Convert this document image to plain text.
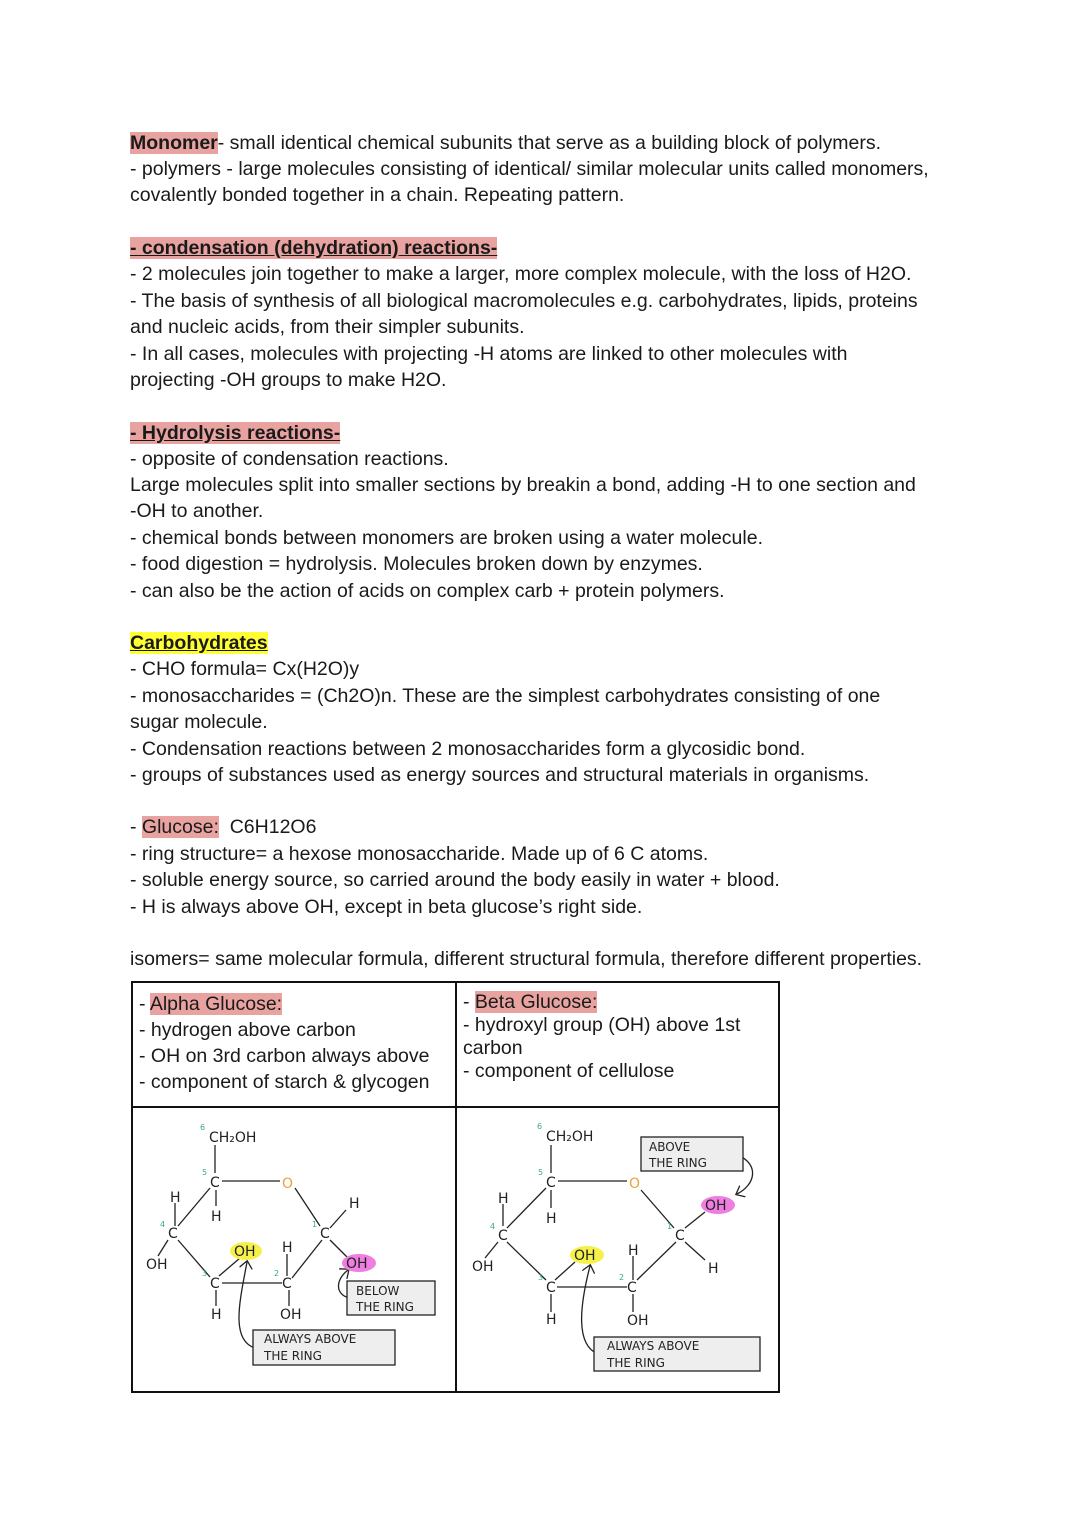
Monomer- small identical chemical subunits that serve as a building block of polymers.
- polymers - large molecules consisting of identical/ similar molecular units called monomers,
covalently bonded together in a chain. Repeating pattern.
- condensation (dehydration) reactions-
- 2 molecules join together to make a larger, more complex molecule, with the loss of H2O.
- The basis of synthesis of all biological macromolecules e.g. carbohydrates, lipids, proteins
and nucleic acids, from their simpler subunits.
- In all cases, molecules with projecting -H atoms are linked to other molecules with
projecting -OH groups to make H2O.
- Hydrolysis reactions-
- opposite of condensation reactions.
Large molecules split into smaller sections by breakin a bond, adding -H to one section and
-OH to another.
- chemical bonds between monomers are broken using a water molecule.
- food digestion = hydrolysis. Molecules broken down by enzymes.
- can also be the action of acids on complex carb + protein polymers.
Carbohydrates
- CHO formula= Cx(H2O)y
- monosaccharides = (Ch2O)n. These are the simplest carbohydrates consisting of one
sugar molecule.
- Condensation reactions between 2 monosaccharides form a glycosidic bond.
- groups of substances used as energy sources and structural materials in organisms.
- Glucose:  C6H12O6
- ring structure= a hexose monosaccharide. Made up of 6 C atoms.
- soluble energy source, so carried around the body easily in water + blood.
- H is always above OH, except in beta glucose’s right side.
isomers= same molecular formula, different structural formula, therefore different properties.
- Alpha Glucose:
- hydrogen above carbon
- OH on 3rd carbon always above
- component of starch & glycogen
- Beta Glucose:
- hydroxyl group (OH) above 1st
carbon
- component of cellulose
CH₂OH
6
C
5
O
H
H
H
C
4
C
1
OH
OH H
OH
C
3
C
2
H	OH
BELOW
THE RING
ALWAYS ABOVE
THE RING
CH₂OH
6
C
5
O
H
H
C
4
C
1
OH
OH H
OH
H
C
3
C
2
H	OH
ABOVE
THE RING
ALWAYS ABOVE
THE RING
